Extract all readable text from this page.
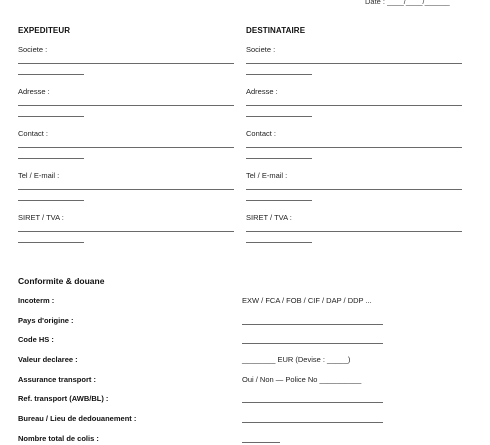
Date : ____/____/______
EXPEDITEUR
Societe :
Adresse :
Contact :
Tel / E-mail :
SIRET / TVA :
DESTINATAIRE
Societe :
Adresse :
Contact :
Tel / E-mail :
SIRET / TVA :
Conformite & douane
Incoterm :	EXW / FCA / FOB / CIF / DAP / DDP ...
Pays d'origine :
Code HS :
Valeur declaree :	________ EUR (Devise : _____)
Assurance transport :	Oui / Non — Police No __________
Ref. transport (AWB/BL) :
Bureau / Lieu de dedouanement :
Nombre total de colis :
